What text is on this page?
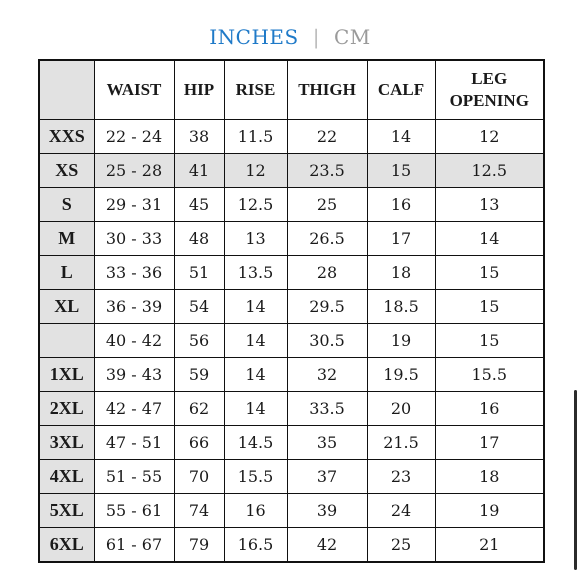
INCHES | CM
	WAIST	HIP	RISE	THIGH	CALF	LEG
OPENING
XXS	22 - 24	38	11.5	22	14	12
XS	25 - 28	41	12	23.5	15	12.5
S	29 - 31	45	12.5	25	16	13
M	30 - 33	48	13	26.5	17	14
L	33 - 36	51	13.5	28	18	15
XL	36 - 39	54	14	29.5	18.5	15
	40 - 42	56	14	30.5	19	15
1XL	39 - 43	59	14	32	19.5	15.5
2XL	42 - 47	62	14	33.5	20	16
3XL	47 - 51	66	14.5	35	21.5	17
4XL	51 - 55	70	15.5	37	23	18
5XL	55 - 61	74	16	39	24	19
6XL	61 - 67	79	16.5	42	25	21
